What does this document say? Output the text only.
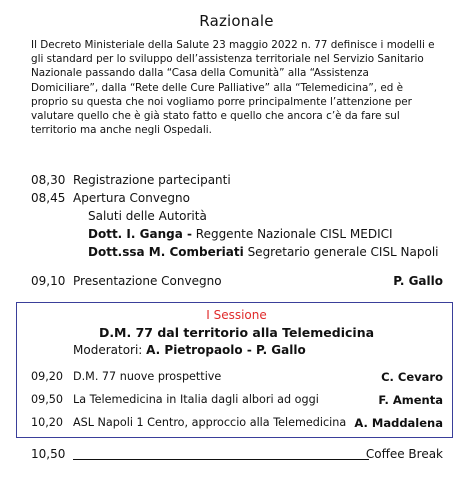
Razionale
Il Decreto Ministeriale della Salute 23 maggio 2022 n. 77 definisce i modelli e
gli standard per lo sviluppo dell’assistenza territoriale nel Servizio Sanitario
Nazionale passando dalla “Casa della Comunità” alla “Assistenza
Domiciliare”, dalla “Rete delle Cure Palliative” alla “Telemedicina”, ed è
proprio su questa che noi vogliamo porre principalmente l’attenzione per
valutare quello che è già stato fatto e quello che ancora c’è da fare sul
territorio ma anche negli Ospedali.
08,30 Registrazione partecipanti
08,45 Apertura Convegno
Saluti delle Autorità
Dott. I. Ganga - Reggente Nazionale CISL MEDICI
Dott.ssa M. Comberiati Segretario generale CISL Napoli
09,10 Presentazione Convegno	P. Gallo
I Sessione
D.M. 77 dal territorio alla Telemedicina
Moderatori: A. Pietropaolo - P. Gallo
09,20 D.M. 77 nuove prospettive	C. Cevaro
09,50 La Telemedicina in Italia dagli albori ad oggi	F. Amenta
10,20 ASL Napoli 1 Centro, approccio alla Telemedicina A. Maddalena
10,50	Coffee Break
